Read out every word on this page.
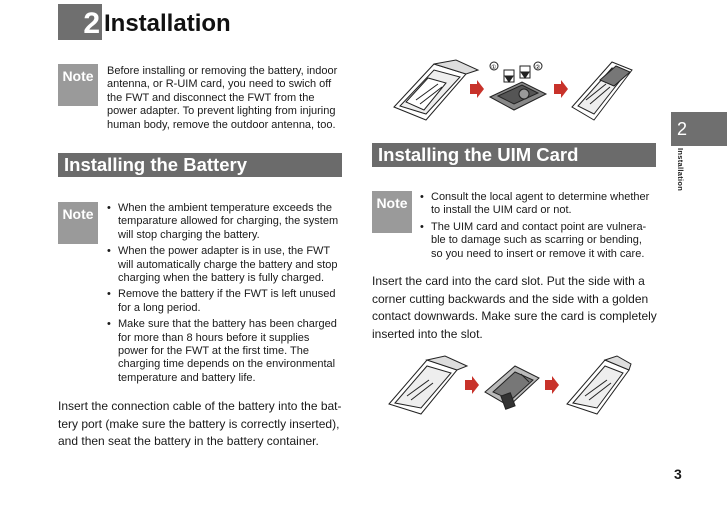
2 Installation
Note	Before installing or removing the battery, indoor
antenna, or R-UIM card, you need to swich off
the FWT and disconnect the FWT from the
power adapter. To prevent lighting from injuring
human body, remove the outdoor antenna, too.
Installing the Battery
Note	• When the ambient temperature exceeds the
temparature allowed for charging, the system
will stop charging the battery.
• When the power adapter is in use, the FWT
will automatically charge the battery and stop
charging when the battery is fully charged.
• Remove the battery if the FWT is left unused
for a long period.
• Make sure that the battery has been charged
for more than 8 hours before it supplies
power for the FWT at the first time. The
charging time depends on the environmental
temperature and battery life.
Insert the connection cable of the battery into the bat-
tery port (make sure the battery is correctly inserted),
and then seat the battery in the battery container.
①	②
Installing the UIM Card
Note	• Consult the local agent to determine whether
to install the UIM card or not.
• The UIM card and contact point are vulnera-
ble to damage such as scarring or bending,
so you need to insert or remove it with care.
Insert the card into the card slot. Put the side with a
corner cutting backwards and the side with a golden
contact downwards. Make sure the card is completely
inserted into the slot.
2
Installation
3
